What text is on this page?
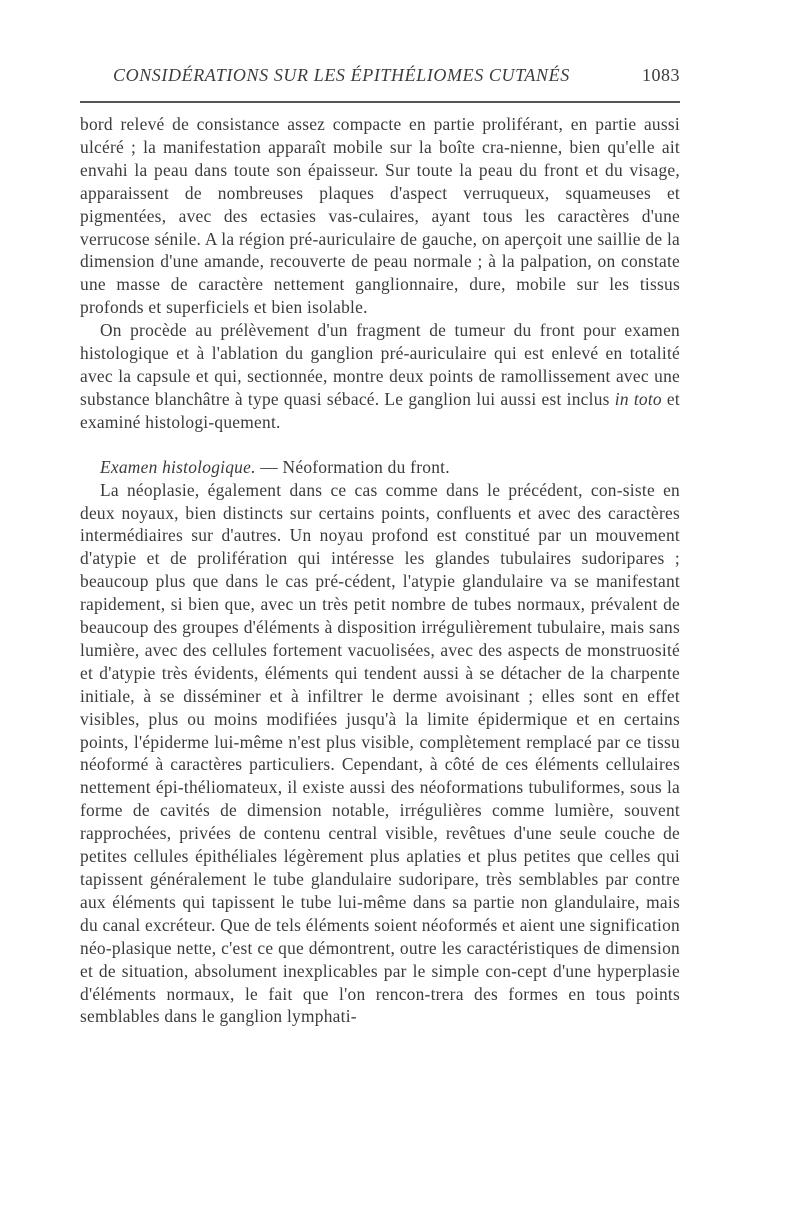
CONSIDÉRATIONS SUR LES ÉPITHÉLIOMES CUTANÉS	1083

bord relevé de consistance assez compacte en partie proliférant, en partie aussi ulcéré ; la manifestation apparaît mobile sur la boîte cra-nienne, bien qu'elle ait envahi la peau dans toute son épaisseur. Sur toute la peau du front et du visage, apparaissent de nombreuses plaques d'aspect verruqueux, squameuses et pigmentées, avec des ectasies vas-culaires, ayant tous les caractères d'une verrucose sénile. A la région pré-auriculaire de gauche, on aperçoit une saillie de la dimension d'une amande, recouverte de peau normale ; à la palpation, on constate une masse de caractère nettement ganglionnaire, dure, mobile sur les tissus profonds et superficiels et bien isolable.

On procède au prélèvement d'un fragment de tumeur du front pour examen histologique et à l'ablation du ganglion pré-auriculaire qui est enlevé en totalité avec la capsule et qui, sectionnée, montre deux points de ramollissement avec une substance blanchâtre à type quasi sébacé. Le ganglion lui aussi est inclus in toto et examiné histologi-quement.

Examen histologique. — Néoformation du front.

La néoplasie, également dans ce cas comme dans le précédent, con-siste en deux noyaux, bien distincts sur certains points, confluents et avec des caractères intermédiaires sur d'autres. Un noyau profond est constitué par un mouvement d'atypie et de prolifération qui intéresse les glandes tubulaires sudoripares ; beaucoup plus que dans le cas pré-cédent, l'atypie glandulaire va se manifestant rapidement, si bien que, avec un très petit nombre de tubes normaux, prévalent de beaucoup des groupes d'éléments à disposition irrégulièrement tubulaire, mais sans lumière, avec des cellules fortement vacuolisées, avec des aspects de monstruosité et d'atypie très évidents, éléments qui tendent aussi à se détacher de la charpente initiale, à se disséminer et à infiltrer le derme avoisinant ; elles sont en effet visibles, plus ou moins modifiées jusqu'à la limite épidermique et en certains points, l'épiderme lui-même n'est plus visible, complètement remplacé par ce tissu néoformé à caractères particuliers. Cependant, à côté de ces éléments cellulaires nettement épi-théliomateux, il existe aussi des néoformations tubuliformes, sous la forme de cavités de dimension notable, irrégulières comme lumière, souvent rapprochées, privées de contenu central visible, revêtues d'une seule couche de petites cellules épithéliales légèrement plus aplaties et plus petites que celles qui tapissent généralement le tube glandulaire sudoripare, très semblables par contre aux éléments qui tapissent le tube lui-même dans sa partie non glandulaire, mais du canal excréteur. Que de tels éléments soient néoformés et aient une signification néo-plasique nette, c'est ce que démontrent, outre les caractéristiques de dimension et de situation, absolument inexplicables par le simple con-cept d'une hyperplasie d'éléments normaux, le fait que l'on rencon-trera des formes en tous points semblables dans le ganglion lymphati-
